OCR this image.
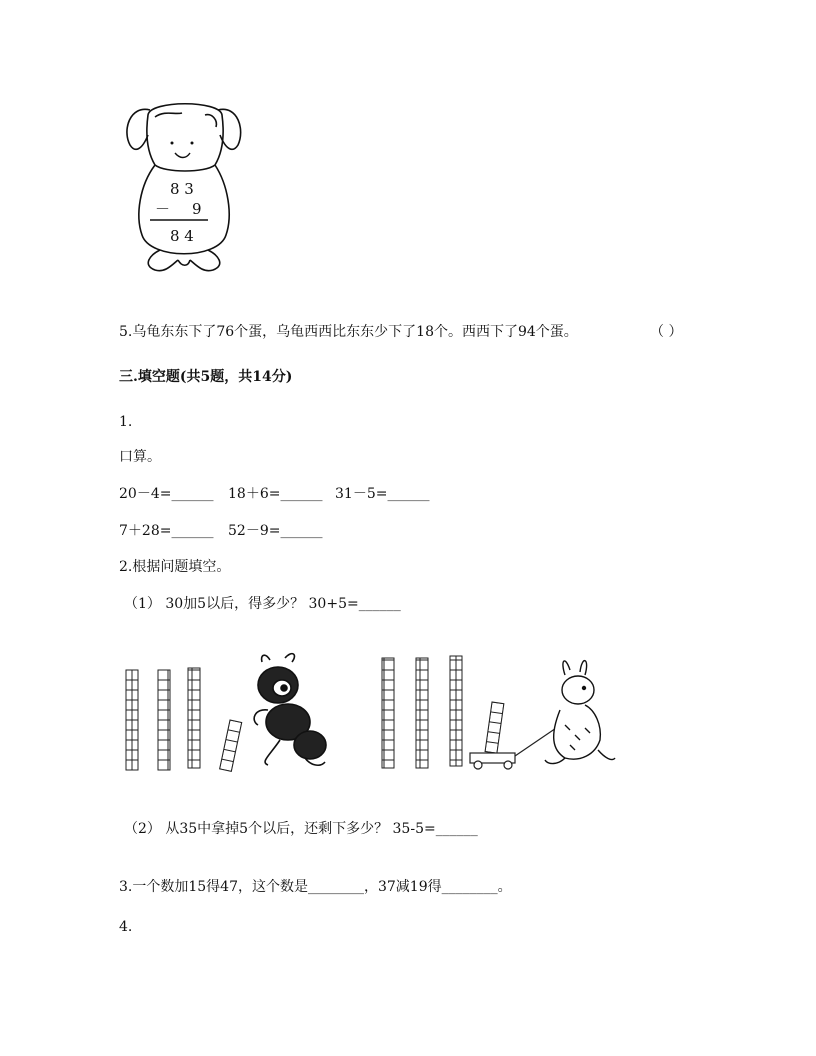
8 3
－ 9
8 4
5.乌龟东东下了76个蛋，乌龟西西比东东少下了18个。西西下了94个蛋。	（ ）
三.填空题(共5题，共14分)
1.
口算。
20－4=______ 18＋6=______ 31－5=______
7＋28=______ 52－9=______
2.根据问题填空。
（1） 30加5以后，得多少？ 30+5=______
（2） 从35中拿掉5个以后，还剩下多少？ 35-5=______
3.一个数加15得47，这个数是________，37减19得________。
4.
